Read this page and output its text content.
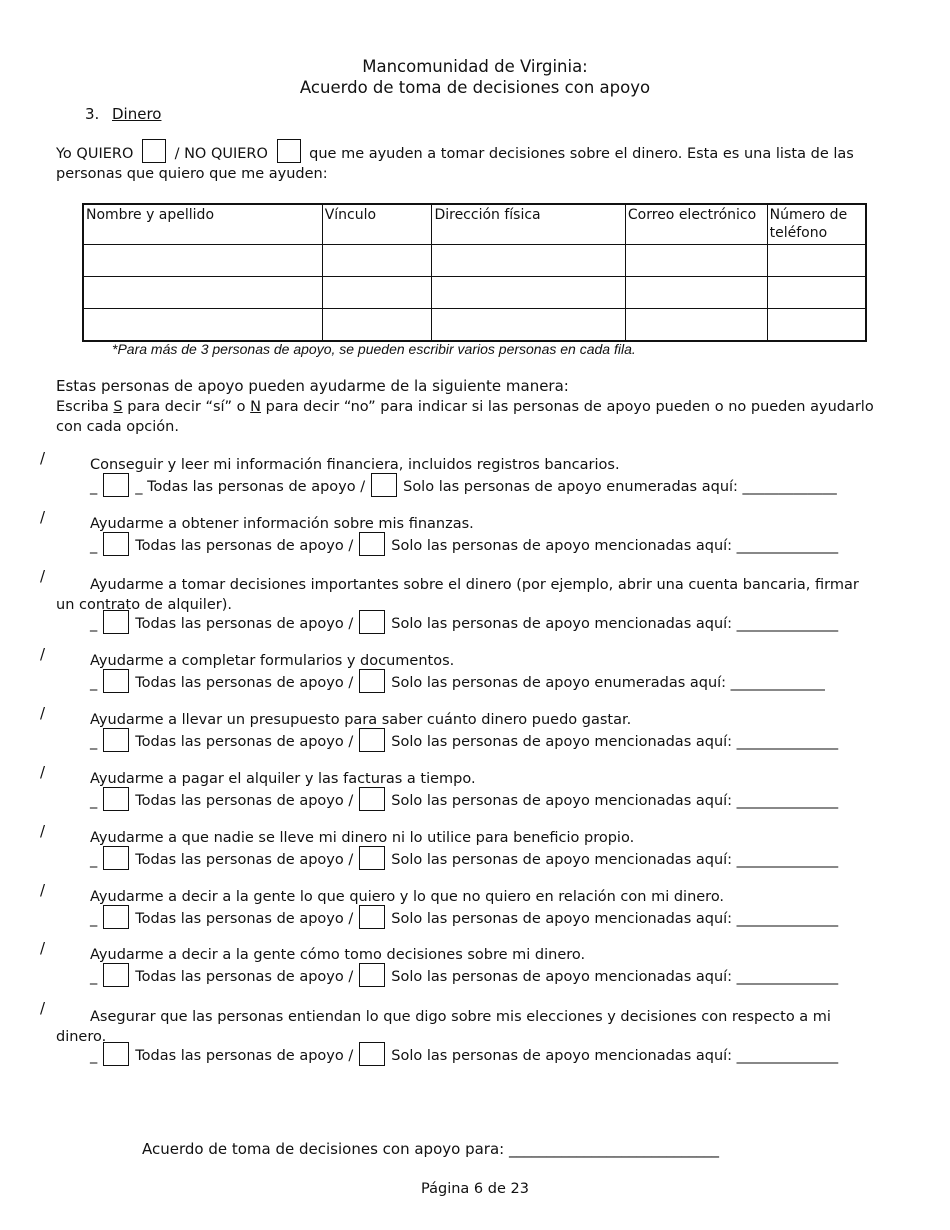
Mancomunidad de Virginia:
Acuerdo de toma de decisiones con apoyo
3. Dinero
Yo QUIERO	/ NO QUIERO	que me ayuden a tomar decisiones sobre el dinero. Esta es una lista de las personas que quiero que me ayuden:
Nombre y apellido	Vínculo	Dirección física	Correo electrónico	Número de teléfono

*Para más de 3 personas de apoyo, se pueden escribir varios personas en cada fila.
Estas personas de apoyo pueden ayudarme de la siguiente manera:
Escriba S para decir “sí” o N para decir “no” para indicar si las personas de apoyo pueden o no pueden ayudarlo con cada opción.
/	Conseguir y leer mi información financiera, incluidos registros bancarios.
_	_ Todas las personas de apoyo /	Solo las personas de apoyo enumeradas aquí: _____________
/	Ayudarme a obtener información sobre mis finanzas.
_	Todas las personas de apoyo /	Solo las personas de apoyo mencionadas aquí: ______________
/	Ayudarme a tomar decisiones importantes sobre el dinero (por ejemplo, abrir una cuenta bancaria, firmar un contrato de alquiler).
_	Todas las personas de apoyo /	Solo las personas de apoyo mencionadas aquí: ______________
/	Ayudarme a completar formularios y documentos.
_	Todas las personas de apoyo /	Solo las personas de apoyo enumeradas aquí: _____________
/	Ayudarme a llevar un presupuesto para saber cuánto dinero puedo gastar.
_	Todas las personas de apoyo /	Solo las personas de apoyo mencionadas aquí: ______________
/	Ayudarme a pagar el alquiler y las facturas a tiempo.
_	Todas las personas de apoyo /	Solo las personas de apoyo mencionadas aquí: ______________
/	Ayudarme a que nadie se lleve mi dinero ni lo utilice para beneficio propio.
_	Todas las personas de apoyo /	Solo las personas de apoyo mencionadas aquí: ______________
/	Ayudarme a decir a la gente lo que quiero y lo que no quiero en relación con mi dinero.
_	Todas las personas de apoyo /	Solo las personas de apoyo mencionadas aquí: ______________
/	Ayudarme a decir a la gente cómo tomo decisiones sobre mi dinero.
_	Todas las personas de apoyo /	Solo las personas de apoyo mencionadas aquí: ______________
/	Asegurar que las personas entiendan lo que digo sobre mis elecciones y decisiones con respecto a mi dinero.
_	Todas las personas de apoyo /	Solo las personas de apoyo mencionadas aquí: ______________
Acuerdo de toma de decisiones con apoyo para: ____________________________
Página 6 de 23
